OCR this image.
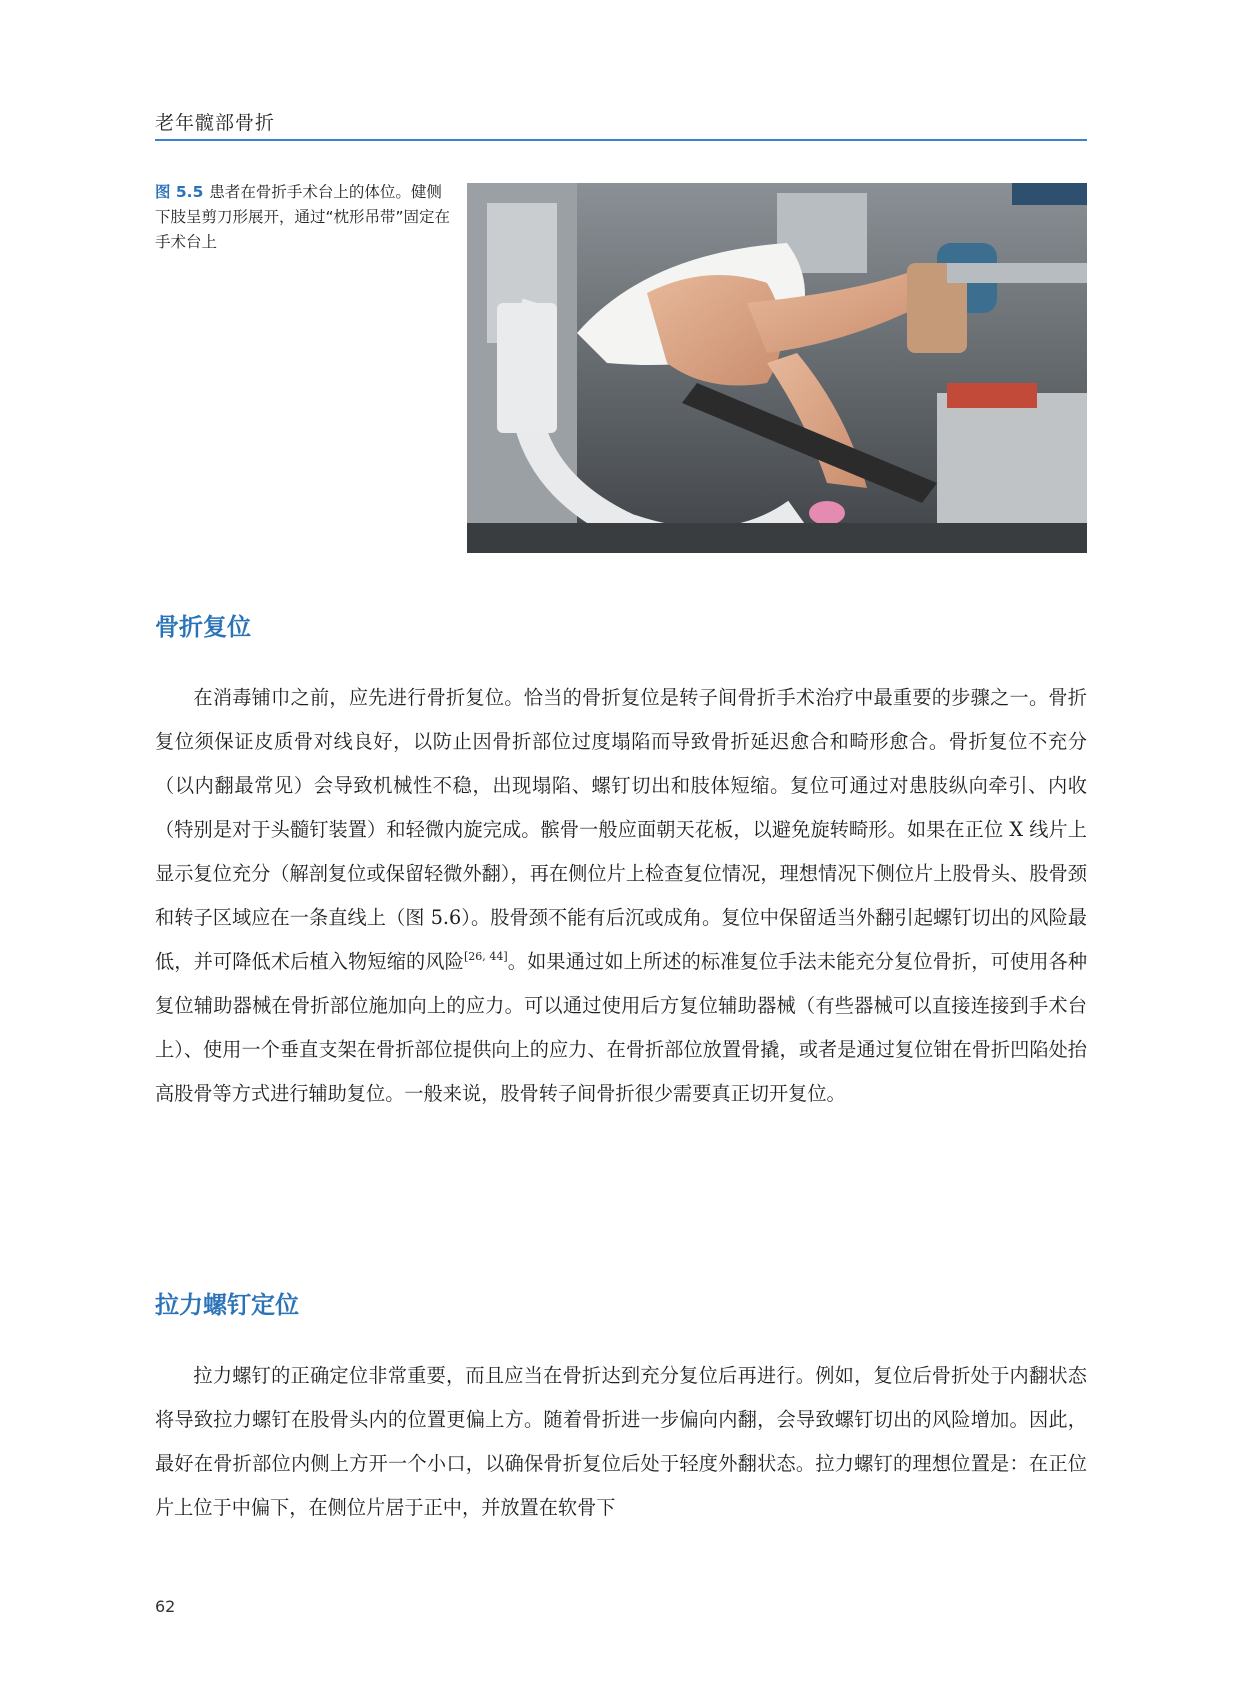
老年髋部骨折
图 5.5 患者在骨折手术台上的体位。健侧下肢呈剪刀形展开，通过“枕形吊带”固定在手术台上
骨折复位
在消毒铺巾之前，应先进行骨折复位。恰当的骨折复位是转子间骨折手术治疗中最重要的步骤之一。骨折复位须保证皮质骨对线良好，以防止因骨折部位过度塌陷而导致骨折延迟愈合和畸形愈合。骨折复位不充分（以内翻最常见）会导致机械性不稳，出现塌陷、螺钉切出和肢体短缩。复位可通过对患肢纵向牵引、内收（特别是对于头髓钉装置）和轻微内旋完成。髌骨一般应面朝天花板，以避免旋转畸形。如果在正位 X 线片上显示复位充分（解剖复位或保留轻微外翻），再在侧位片上检查复位情况，理想情况下侧位片上股骨头、股骨颈和转子区域应在一条直线上（图 5.6）。股骨颈不能有后沉或成角。复位中保留适当外翻引起螺钉切出的风险最低，并可降低术后植入物短缩的风险[26, 44]。如果通过如上所述的标准复位手法未能充分复位骨折，可使用各种复位辅助器械在骨折部位施加向上的应力。可以通过使用后方复位辅助器械（有些器械可以直接连接到手术台上）、使用一个垂直支架在骨折部位提供向上的应力、在骨折部位放置骨撬，或者是通过复位钳在骨折凹陷处抬高股骨等方式进行辅助复位。一般来说，股骨转子间骨折很少需要真正切开复位。
拉力螺钉定位
拉力螺钉的正确定位非常重要，而且应当在骨折达到充分复位后再进行。例如，复位后骨折处于内翻状态将导致拉力螺钉在股骨头内的位置更偏上方。随着骨折进一步偏向内翻，会导致螺钉切出的风险增加。因此，最好在骨折部位内侧上方开一个小口，以确保骨折复位后处于轻度外翻状态。拉力螺钉的理想位置是：在正位片上位于中偏下，在侧位片居于正中，并放置在软骨下
62
